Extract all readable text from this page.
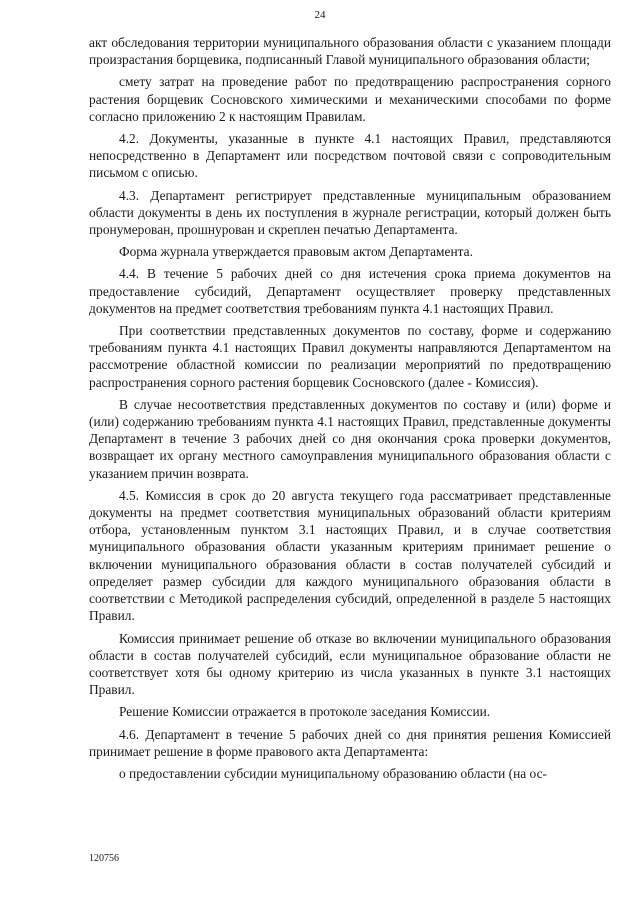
24

акт обследования территории муниципального образования области с указанием площади произрастания борщевика, подписанный Главой муниципального образования области;

смету затрат на проведение работ по предотвращению распространения сорного растения борщевик Сосновского химическими и механическими способами по форме согласно приложению 2 к настоящим Правилам.

4.2. Документы, указанные в пункте 4.1 настоящих Правил, представляются непосредственно в Департамент или посредством почтовой связи с сопроводительным письмом с описью.

4.3. Департамент регистрирует представленные муниципальным образованием области документы в день их поступления в журнале регистрации, который должен быть пронумерован, прошнурован и скреплен печатью Департамента.

Форма журнала утверждается правовым актом Департамента.

4.4. В течение 5 рабочих дней со дня истечения срока приема документов на предоставление субсидий, Департамент осуществляет проверку представленных документов на предмет соответствия требованиям пункта 4.1 настоящих Правил.

При соответствии представленных документов по составу, форме и содержанию требованиям пункта 4.1 настоящих Правил документы направляются Департаментом на рассмотрение областной комиссии по реализации мероприятий по предотвращению распространения сорного растения борщевик Сосновского (далее - Комиссия).

В случае несоответствия представленных документов по составу и (или) форме и (или) содержанию требованиям пункта 4.1 настоящих Правил, представленные документы Департамент в течение 3 рабочих дней со дня окончания срока проверки документов, возвращает их органу местного самоуправления муниципального образования области с указанием причин возврата.

4.5. Комиссия в срок до 20 августа текущего года рассматривает представленные документы на предмет соответствия муниципальных образований области критериям отбора, установленным пунктом 3.1 настоящих Правил, и в случае соответствия муниципального образования области указанным критериям принимает решение о включении муниципального образования области в состав получателей субсидий и определяет размер субсидии для каждого муниципального образования области в соответствии с Методикой распределения субсидий, определенной в разделе 5 настоящих Правил.

Комиссия принимает решение об отказе во включении муниципального образования области в состав получателей субсидий, если муниципальное образование области не соответствует хотя бы одному критерию из числа указанных в пункте 3.1 настоящих Правил.

Решение Комиссии отражается в протоколе заседания Комиссии.

4.6. Департамент в течение 5 рабочих дней со дня принятия решения Комиссией принимает решение в форме правового акта Департамента:

о предоставлении субсидии муниципальному образованию области (на ос-

120756
